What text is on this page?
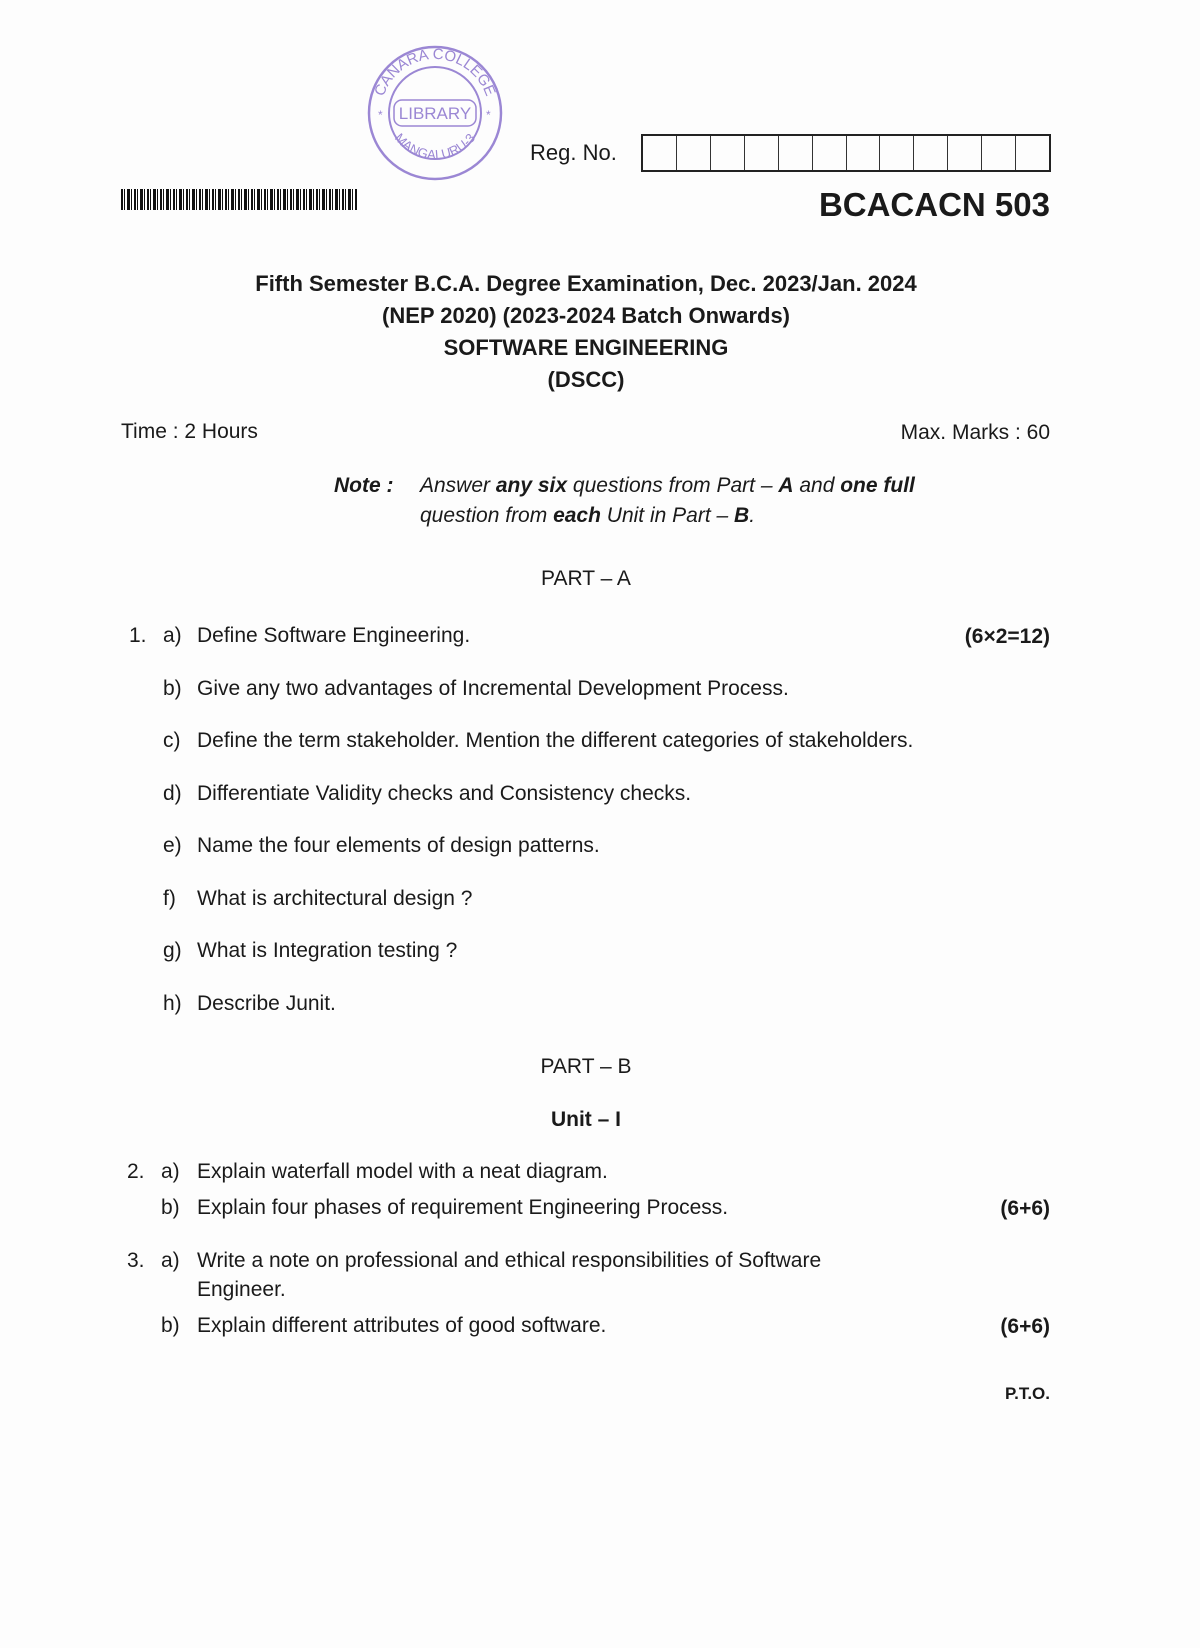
CANARA COLLEGE
MANGALURU-3
LIBRARY
*	*
Reg. No.
BCACACN 503
Fifth Semester B.C.A. Degree Examination, Dec. 2023/Jan. 2024
(NEP 2020) (2023-2024 Batch Onwards)
SOFTWARE ENGINEERING
(DSCC)
Time : 2 Hours	Max. Marks : 60
Note : Answer any six questions from Part – A and one full
question from each Unit in Part – B.
PART – A
1.	(6×2=12)
a) Define Software Engineering.
b) Give any two advantages of Incremental Development Process.
c) Define the term stakeholder. Mention the different categories of stakeholders.
d) Differentiate Validity checks and Consistency checks.
e) Name the four elements of design patterns.
f) What is architectural design ?
g) What is Integration testing ?
h) Describe Junit.
PART – B
Unit – I
2. a) Explain waterfall model with a neat diagram.
b) Explain four phases of requirement Engineering Process.	(6+6)
3. a) Write a note on professional and ethical responsibilities of Software
Engineer.
b) Explain different attributes of good software.	(6+6)
P.T.O.
